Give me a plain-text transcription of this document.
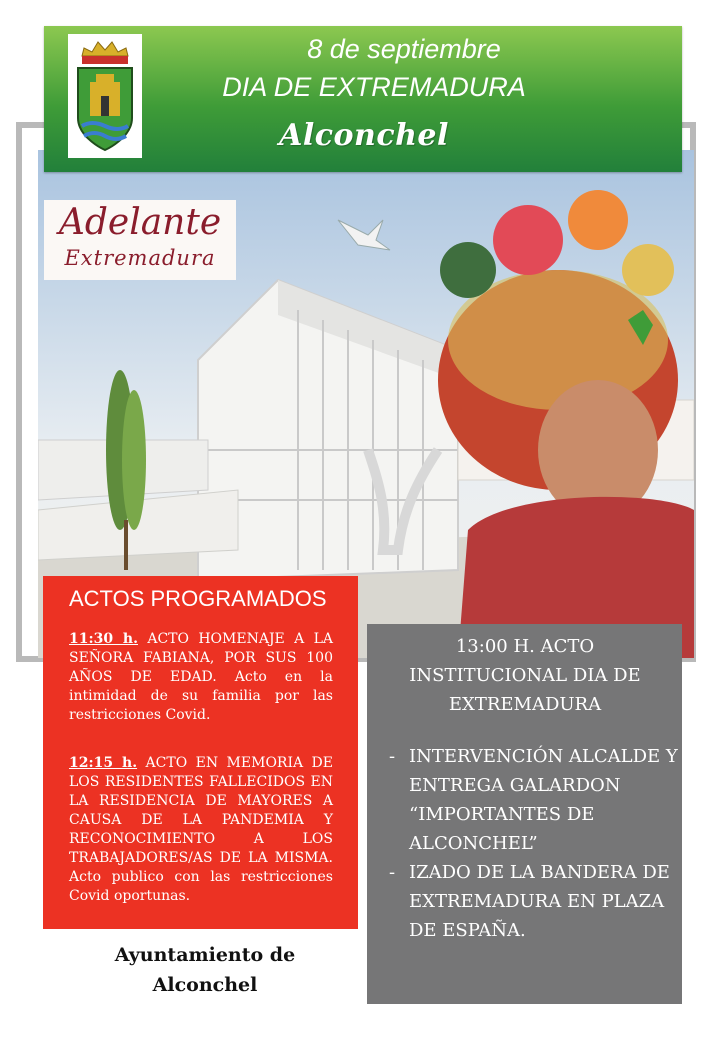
8 de septiembre
DIA DE EXTREMADURA
Alconchel
Adelante
Extremadura
ACTOS PROGRAMADOS
11:30 h. ACTO HOMENAJE A LA SEÑORA FABIANA, POR SUS 100 AÑOS DE EDAD. Acto en la intimidad de su familia por las restricciones Covid.
12:15 h. ACTO EN MEMORIA DE LOS RESIDENTES FALLECIDOS EN LA RESIDENCIA DE MAYORES A CAUSA DE LA PANDEMIA Y RECONOCIMIENTO A LOS TRABAJADORES/AS DE LA MISMA. Acto publico con las restricciones Covid oportunas.
13:00 H. ACTO INSTITUCIONAL DIA DE EXTREMADURA
- INTERVENCIÓN ALCALDE Y ENTREGA GALARDON “IMPORTANTES DE ALCONCHEL”
- IZADO DE LA BANDERA DE EXTREMADURA EN PLAZA DE ESPAÑA.
Ayuntamiento de
Alconchel
